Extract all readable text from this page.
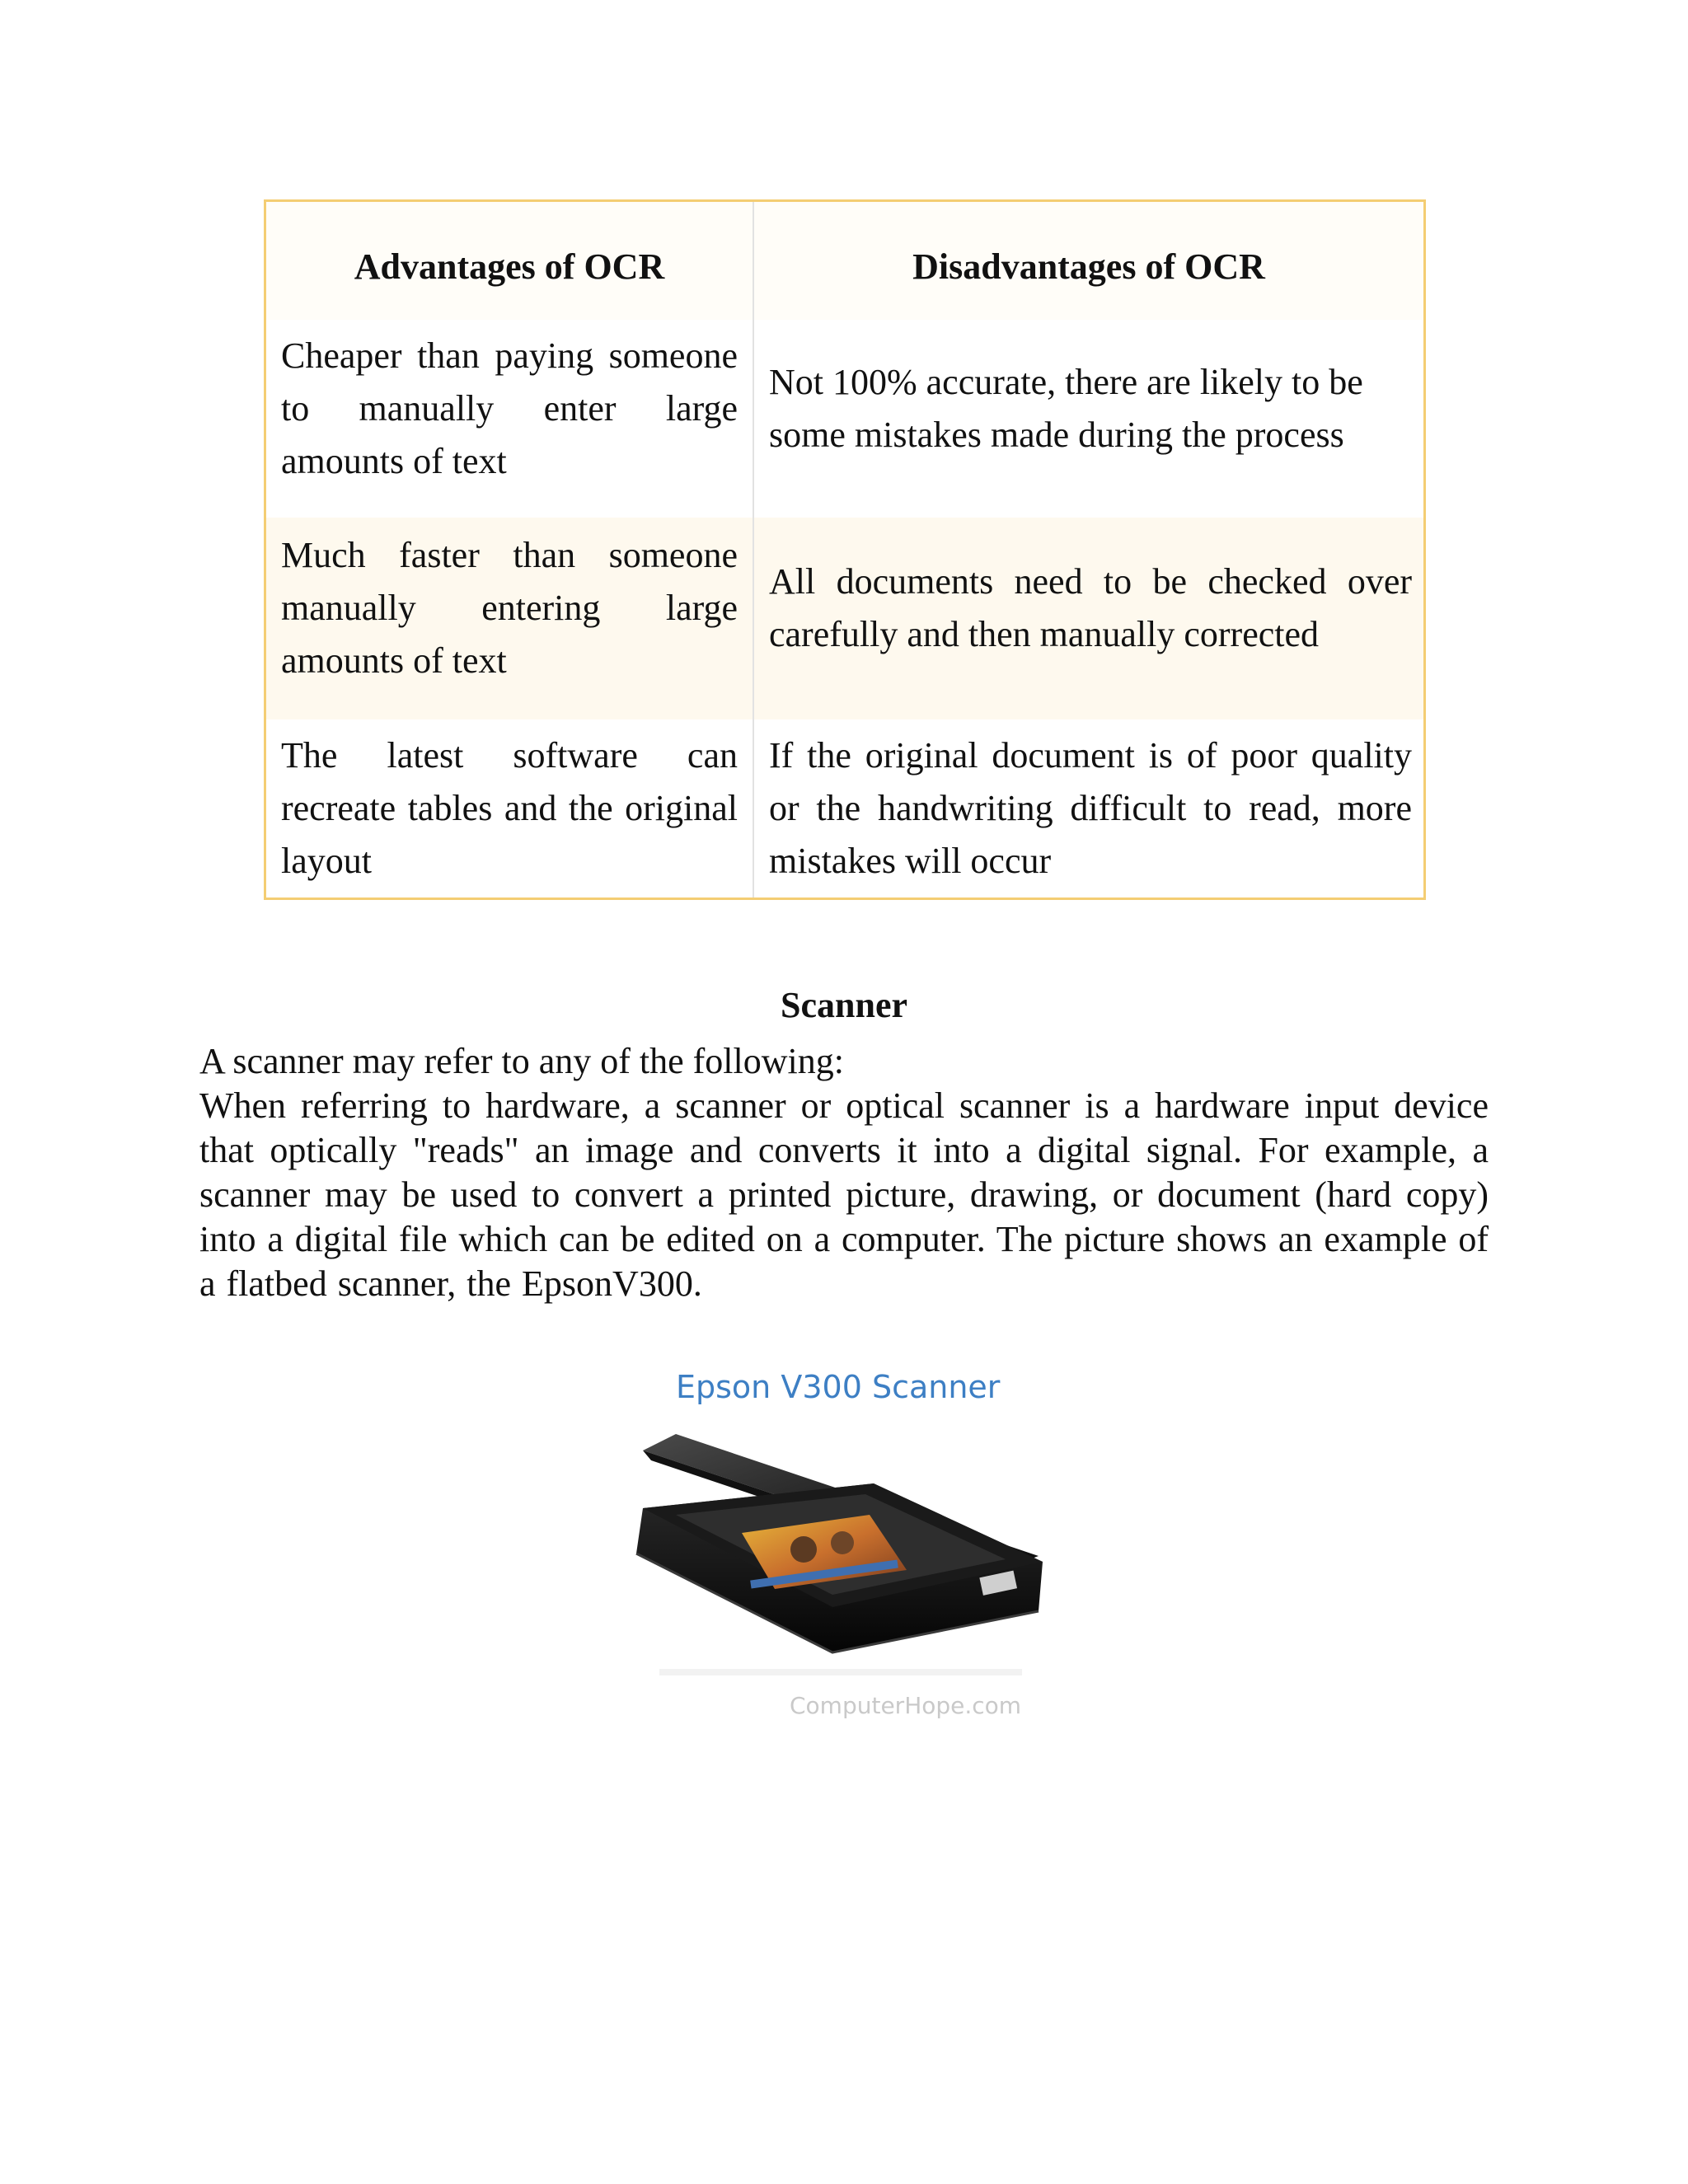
Advantages of OCR	Disadvantages of OCR
Cheaper than paying someone to manually enter large amounts of text
Not 100% accurate, there are likely to be some mistakes made during the process
Much faster than someone manually entering large amounts of text
All documents need to be checked over carefully and then manually corrected
The latest software can recreate tables and the original layout
If the original document is of poor quality or the handwriting difficult to read, more mistakes will occur
Scanner
A scanner may refer to any of the following:
When referring to hardware, a scanner or optical scanner is a hardware input device that optically "reads" an image and converts it into a digital signal. For example, a scanner may be used to convert a printed picture, drawing, or document (hard copy) into a digital file which can be edited on a computer. The picture shows an example of a flatbed scanner, the EpsonV300.
Epson V300 Scanner
ComputerHope.com
